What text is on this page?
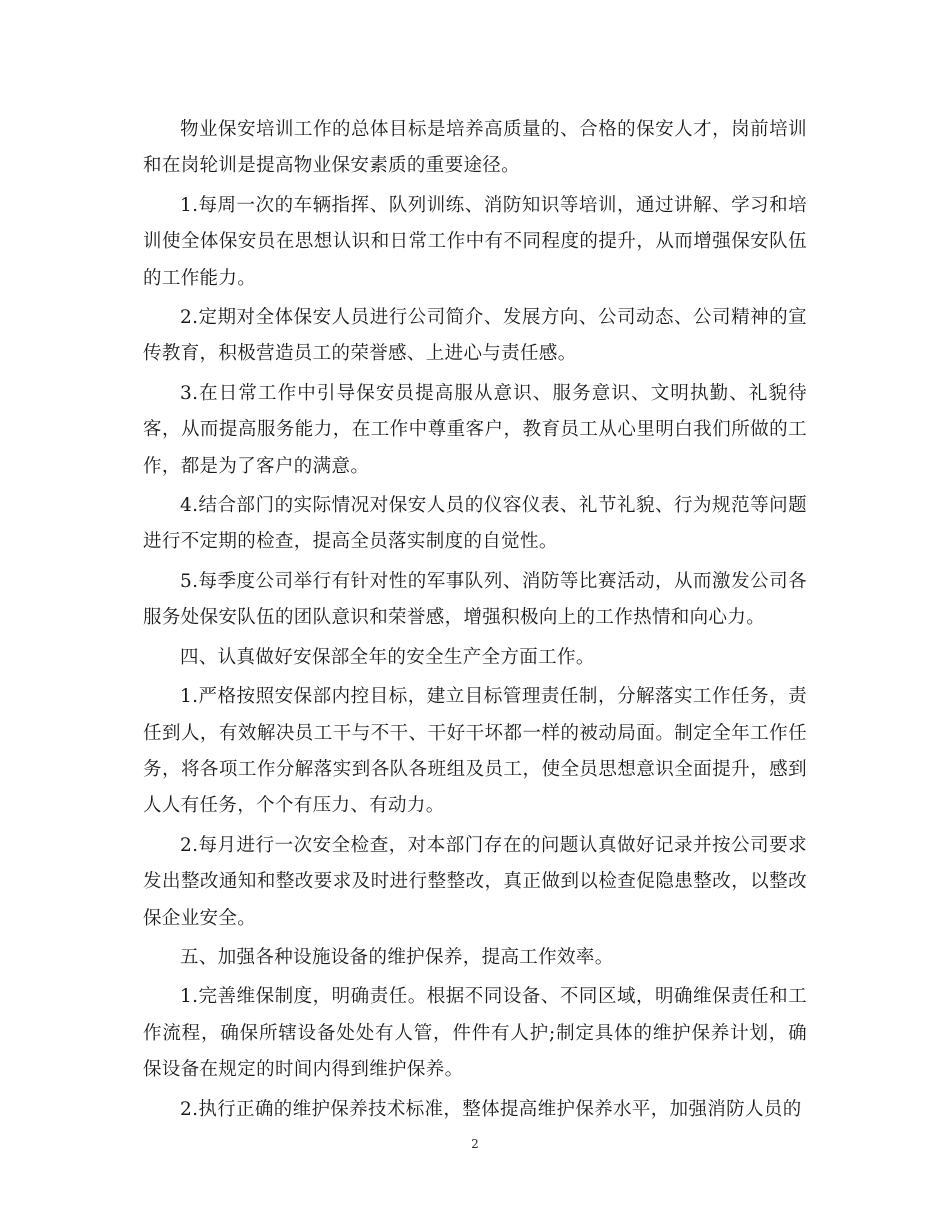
物业保安培训工作的总体目标是培养高质量的、合格的保安人才，岗前培训和在岗轮训是提高物业保安素质的重要途径。

1.每周一次的车辆指挥、队列训练、消防知识等培训，通过讲解、学习和培训使全体保安员在思想认识和日常工作中有不同程度的提升，从而增强保安队伍的工作能力。

2.定期对全体保安人员进行公司简介、发展方向、公司动态、公司精神的宣传教育，积极营造员工的荣誉感、上进心与责任感。

3.在日常工作中引导保安员提高服从意识、服务意识、文明执勤、礼貌待客，从而提高服务能力，在工作中尊重客户，教育员工从心里明白我们所做的工作，都是为了客户的满意。

4.结合部门的实际情况对保安人员的仪容仪表、礼节礼貌、行为规范等问题进行不定期的检查，提高全员落实制度的自觉性。

5.每季度公司举行有针对性的军事队列、消防等比赛活动，从而激发公司各服务处保安队伍的团队意识和荣誉感，增强积极向上的工作热情和向心力。

四、认真做好安保部全年的安全生产全方面工作。

1.严格按照安保部内控目标，建立目标管理责任制，分解落实工作任务，责任到人，有效解决员工干与不干、干好干坏都一样的被动局面。制定全年工作任务，将各项工作分解落实到各队各班组及员工，使全员思想意识全面提升，感到人人有任务，个个有压力、有动力。

2.每月进行一次安全检查，对本部门存在的问题认真做好记录并按公司要求发出整改通知和整改要求及时进行整整改，真正做到以检查促隐患整改，以整改保企业安全。

五、加强各种设施设备的维护保养，提高工作效率。

1.完善维保制度，明确责任。根据不同设备、不同区域，明确维保责任和工作流程，确保所辖设备处处有人管，件件有人护;制定具体的维护保养计划，确保设备在规定的时间内得到维护保养。

2.执行正确的维护保养技术标准，整体提高维护保养水平，加强消防人员的

2
